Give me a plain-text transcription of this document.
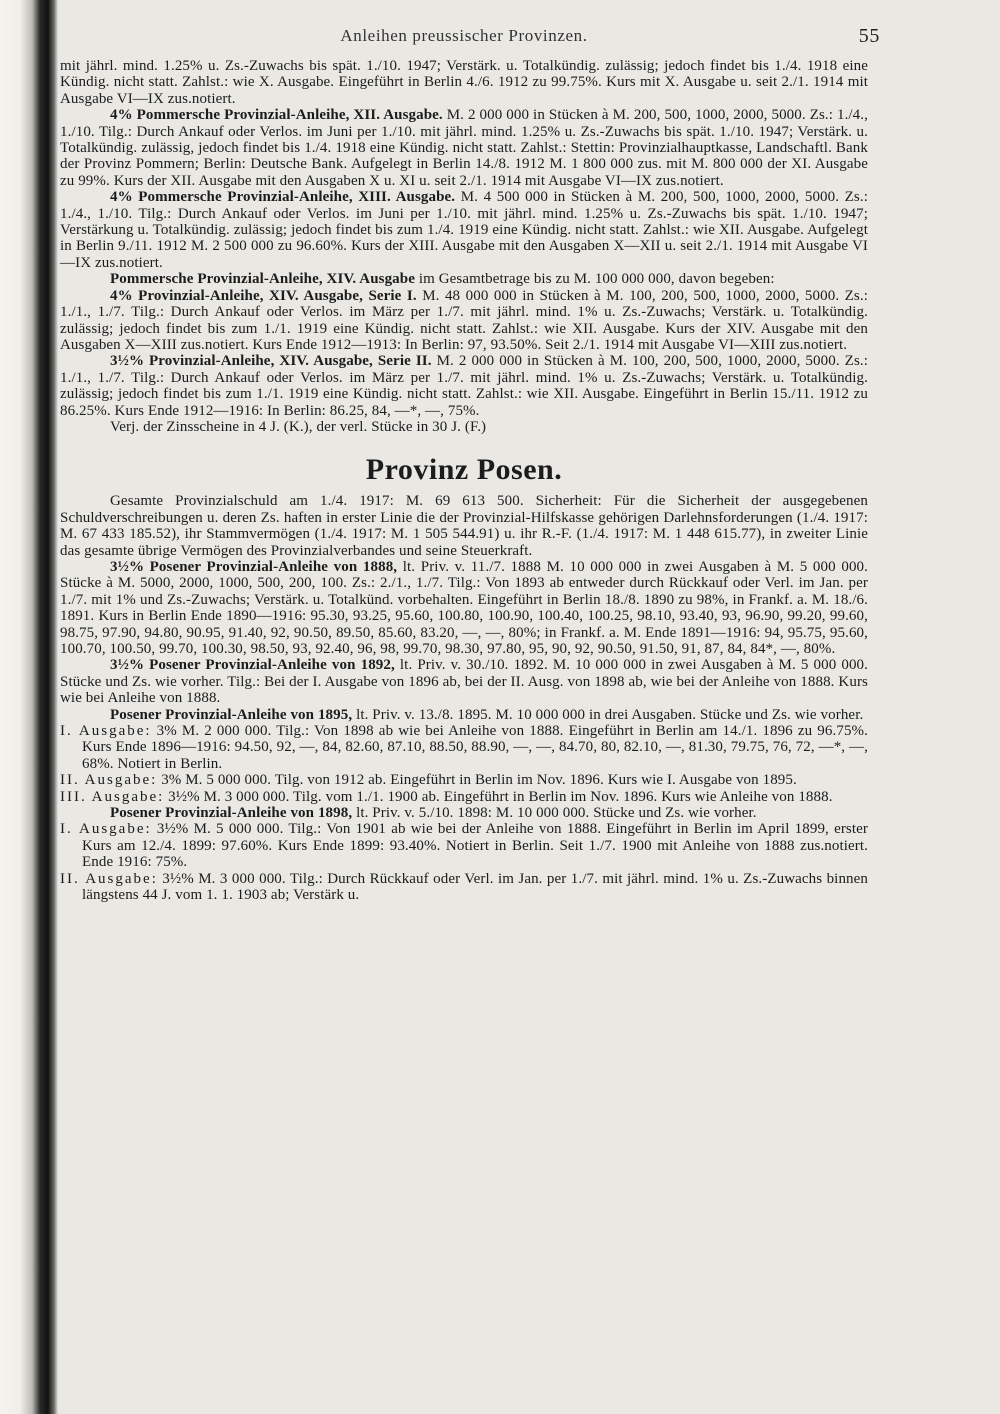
Anleihen preussischer Provinzen.	55

mit jährl. mind. 1.25% u. Zs.-Zuwachs bis spät. 1./10. 1947; Verstärk. u. Totalkündig. zulässig; jedoch findet bis 1./4. 1918 eine Kündig. nicht statt. Zahlst.: wie X. Ausgabe. Eingeführt in Berlin 4./6. 1912 zu 99.75%. Kurs mit X. Ausgabe u. seit 2./1. 1914 mit Ausgabe VI—IX zus.notiert.

4% Pommersche Provinzial-Anleihe, XII. Ausgabe. M. 2 000 000 in Stücken à M. 200, 500, 1000, 2000, 5000. Zs.: 1./4., 1./10. Tilg.: Durch Ankauf oder Verlos. im Juni per 1./10. mit jährl. mind. 1.25% u. Zs.-Zuwachs bis spät. 1./10. 1947; Verstärk. u. Totalkündig. zulässig, jedoch findet bis 1./4. 1918 eine Kündig. nicht statt. Zahlst.: Stettin: Provinzialhauptkasse, Landschaftl. Bank der Provinz Pommern; Berlin: Deutsche Bank. Aufgelegt in Berlin 14./8. 1912 M. 1 800 000 zus. mit M. 800 000 der XI. Ausgabe zu 99%. Kurs der XII. Ausgabe mit den Ausgaben X u. XI u. seit 2./1. 1914 mit Ausgabe VI—IX zus.notiert.

4% Pommersche Provinzial-Anleihe, XIII. Ausgabe. M. 4 500 000 in Stücken à M. 200, 500, 1000, 2000, 5000. Zs.: 1./4., 1./10. Tilg.: Durch Ankauf oder Verlos. im Juni per 1./10. mit jährl. mind. 1.25% u. Zs.-Zuwachs bis spät. 1./10. 1947; Verstärkung u. Totalkündig. zulässig; jedoch findet bis zum 1./4. 1919 eine Kündig. nicht statt. Zahlst.: wie XII. Ausgabe. Aufgelegt in Berlin 9./11. 1912 M. 2 500 000 zu 96.60%. Kurs der XIII. Ausgabe mit den Ausgaben X—XII u. seit 2./1. 1914 mit Ausgabe VI—IX zus.notiert.

Pommersche Provinzial-Anleihe, XIV. Ausgabe im Gesamtbetrage bis zu M. 100 000 000, davon begeben:

4% Provinzial-Anleihe, XIV. Ausgabe, Serie I. M. 48 000 000 in Stücken à M. 100, 200, 500, 1000, 2000, 5000. Zs.: 1./1., 1./7. Tilg.: Durch Ankauf oder Verlos. im März per 1./7. mit jährl. mind. 1% u. Zs.-Zuwachs; Verstärk. u. Totalkündig. zulässig; jedoch findet bis zum 1./1. 1919 eine Kündig. nicht statt. Zahlst.: wie XII. Ausgabe. Kurs der XIV. Ausgabe mit den Ausgaben X—XIII zus.notiert. Kurs Ende 1912—1913: In Berlin: 97, 93.50%. Seit 2./1. 1914 mit Ausgabe VI—XIII zus.notiert.

3½% Provinzial-Anleihe, XIV. Ausgabe, Serie II. M. 2 000 000 in Stücken à M. 100, 200, 500, 1000, 2000, 5000. Zs.: 1./1., 1./7. Tilg.: Durch Ankauf oder Verlos. im März per 1./7. mit jährl. mind. 1% u. Zs.-Zuwachs; Verstärk. u. Totalkündig. zulässig; jedoch findet bis zum 1./1. 1919 eine Kündig. nicht statt. Zahlst.: wie XII. Ausgabe. Eingeführt in Berlin 15./11. 1912 zu 86.25%. Kurs Ende 1912—1916: In Berlin: 86.25, 84, —*, —, 75%.

Verj. der Zinsscheine in 4 J. (K.), der verl. Stücke in 30 J. (F.)

Provinz Posen.

Gesamte Provinzialschuld am 1./4. 1917: M. 69 613 500. Sicherheit: Für die Sicherheit der ausgegebenen Schuldverschreibungen u. deren Zs. haften in erster Linie die der Provinzial-Hilfskasse gehörigen Darlehnsforderungen (1./4. 1917: M. 67 433 185.52), ihr Stammvermögen (1./4. 1917: M. 1 505 544.91) u. ihr R.-F. (1./4. 1917: M. 1 448 615.77), in zweiter Linie das gesamte übrige Vermögen des Provinzialverbandes und seine Steuerkraft.

3½% Posener Provinzial-Anleihe von 1888, lt. Priv. v. 11./7. 1888 M. 10 000 000 in zwei Ausgaben à M. 5 000 000. Stücke à M. 5000, 2000, 1000, 500, 200, 100. Zs.: 2./1., 1./7. Tilg.: Von 1893 ab entweder durch Rückkauf oder Verl. im Jan. per 1./7. mit 1% und Zs.-Zuwachs; Verstärk. u. Totalkünd. vorbehalten. Eingeführt in Berlin 18./8. 1890 zu 98%, in Frankf. a. M. 18./6. 1891. Kurs in Berlin Ende 1890—1916: 95.30, 93.25, 95.60, 100.80, 100.90, 100.40, 100.25, 98.10, 93.40, 93, 96.90, 99.20, 99.60, 98.75, 97.90, 94.80, 90.95, 91.40, 92, 90.50, 89.50, 85.60, 83.20, —, —, 80%; in Frankf. a. M. Ende 1891—1916: 94, 95.75, 95.60, 100.70, 100.50, 99.70, 100.30, 98.50, 93, 92.40, 96, 98, 99.70, 98.30, 97.80, 95, 90, 92, 90.50, 91.50, 91, 87, 84, 84*, —, 80%.

3½% Posener Provinzial-Anleihe von 1892, lt. Priv. v. 30./10. 1892. M. 10 000 000 in zwei Ausgaben à M. 5 000 000. Stücke und Zs. wie vorher. Tilg.: Bei der I. Ausgabe von 1896 ab, bei der II. Ausg. von 1898 ab, wie bei der Anleihe von 1888. Kurs wie bei Anleihe von 1888.

Posener Provinzial-Anleihe von 1895, lt. Priv. v. 13./8. 1895. M. 10 000 000 in drei Ausgaben. Stücke und Zs. wie vorher.

I. Ausgabe: 3% M. 2 000 000. Tilg.: Von 1898 ab wie bei Anleihe von 1888. Eingeführt in Berlin am 14./1. 1896 zu 96.75%. Kurs Ende 1896—1916: 94.50, 92, —, 84, 82.60, 87.10, 88.50, 88.90, —, —, 84.70, 80, 82.10, —, 81.30, 79.75, 76, 72, —*, —, 68%. Notiert in Berlin.

II. Ausgabe: 3% M. 5 000 000. Tilg. von 1912 ab. Eingeführt in Berlin im Nov. 1896. Kurs wie I. Ausgabe von 1895.

III. Ausgabe: 3½% M. 3 000 000. Tilg. vom 1./1. 1900 ab. Eingeführt in Berlin im Nov. 1896. Kurs wie Anleihe von 1888.

Posener Provinzial-Anleihe von 1898, lt. Priv. v. 5./10. 1898: M. 10 000 000. Stücke und Zs. wie vorher.

I. Ausgabe: 3½% M. 5 000 000. Tilg.: Von 1901 ab wie bei der Anleihe von 1888. Eingeführt in Berlin im April 1899, erster Kurs am 12./4. 1899: 97.60%. Kurs Ende 1899: 93.40%. Notiert in Berlin. Seit 1./7. 1900 mit Anleihe von 1888 zus.notiert. Ende 1916: 75%.

II. Ausgabe: 3½% M. 3 000 000. Tilg.: Durch Rückkauf oder Verl. im Jan. per 1./7. mit jährl. mind. 1% u. Zs.-Zuwachs binnen längstens 44 J. vom 1. 1. 1903 ab; Verstärk u.
